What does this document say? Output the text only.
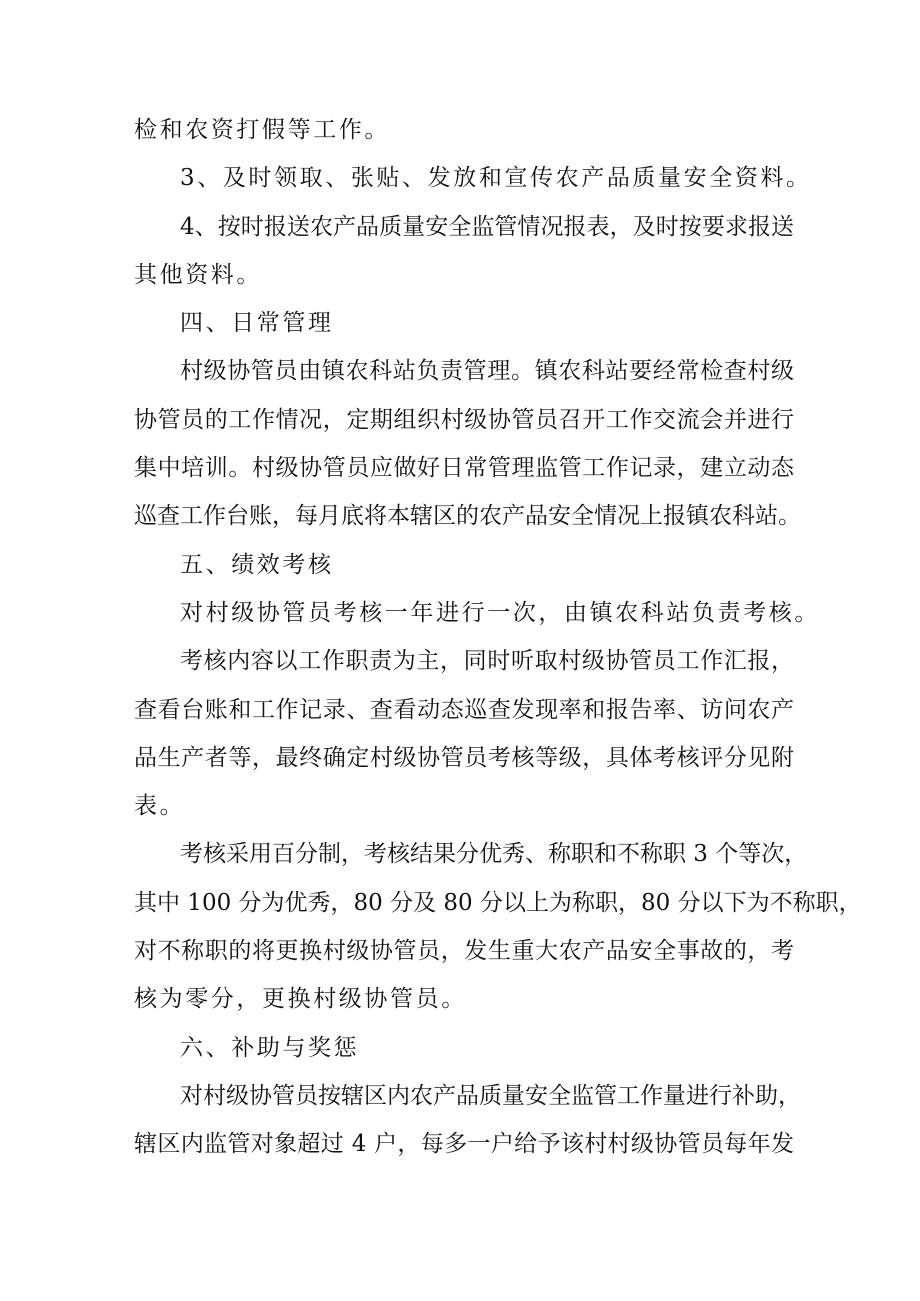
检和农资打假等工作。
3、及时领取、张贴、发放和宣传农产品质量安全资料。
4、按时报送农产品质量安全监管情况报表，及时按要求报送
其他资料。
四、日常管理
村级协管员由镇农科站负责管理。镇农科站要经常检查村级
协管员的工作情况，定期组织村级协管员召开工作交流会并进行
集中培训。村级协管员应做好日常管理监管工作记录，建立动态
巡查工作台账，每月底将本辖区的农产品安全情况上报镇农科站。
五、绩效考核
对村级协管员考核一年进行一次，由镇农科站负责考核。
考核内容以工作职责为主，同时听取村级协管员工作汇报，
查看台账和工作记录、查看动态巡查发现率和报告率、访问农产
品生产者等，最终确定村级协管员考核等级，具体考核评分见附
表。
考核采用百分制，考核结果分优秀、称职和不称职 3 个等次，
其中 100 分为优秀，80 分及 80 分以上为称职，80 分以下为不称职，
对不称职的将更换村级协管员，发生重大农产品安全事故的，考
核为零分，更换村级协管员。
六、补助与奖惩
对村级协管员按辖区内农产品质量安全监管工作量进行补助，
辖区内监管对象超过 4 户，每多一户给予该村村级协管员每年发
